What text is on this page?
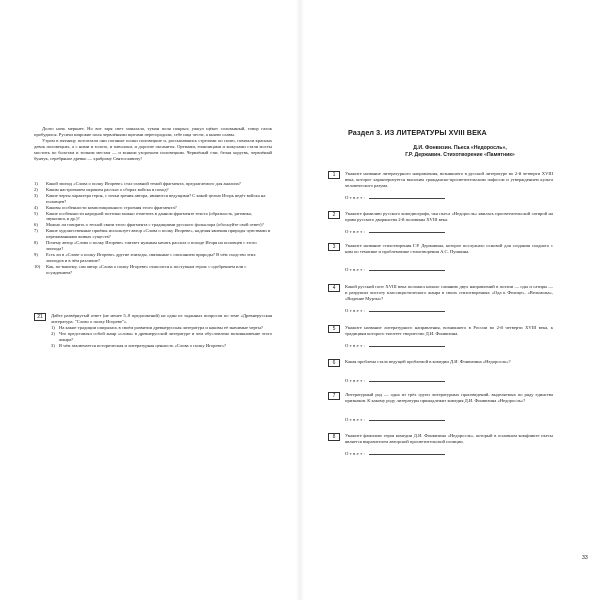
Долго ночь меркнет. Но вот заря свет запылала, туман поля покрыл; ужкул щёкот соловьиный, говор галок пробудился. Русичи широкие поля червлёными щитами перегородили, себе ища чести, а князю славы.

Утром в пятницу потоптали они поганые полки половецкие и, рассыпавшись стрелами по полю, помчали красных девок половецких, а с ними и золото, и паволоки, и дорогие оксамиты. Ортмами, епанчицами и кожухами стали мосты мостить по болотам и топким местам — и всяким узорочьем половецким. Червлёный стяг, белая хоругвь, червлёный бунчук, серебряное древко — храброму Святославичу!

1)	Какой эпизод «Слова о полку Игореве» стал главной темой фрагмента, предлагаемого для анализа?
2)	Каким настроением окрашен рассказ о сборах войска в поход?
3)	Какие черты характера героя, с точки зрения автора, являются ведущими? С какой целью Игорь ведёт войска на половцев?
4)	Каковы особенности композиционного строения этого фрагмента?
5)	Какие особенности народной поэтики можно отметить в данном фрагменте текста (образность, ритмика, звукопись и др.)?
6)	Можно ли говорить о тесной связи этого фрагмента с традициями русского фольклора (обоснуйте свой ответ)?
7)	Какие художественные приёмы использует автор «Слова о полку Игореве», наделяя явления природы чувствами и переживаниями живых существ?
8)	Почему автор «Слова о полку Игореве» считает нужным начать рассказ о походе Игоря на половцев с этого эпизода?
9)	Есть ли в «Слове о полку Игореве» другие эпизоды, связанные с описанием природы? В чём сходство этих эпизодов и в чём различие?
10)	Как, по-вашему, сам автор «Слова о полку Игореве» относится к поступкам героя: с одобрением или с осуждением?
21	Дайте развёрнутый ответ (не менее 5–8 предложений) на один из заданных вопросов по теме «Древнерусская литература. "Слово о полку Игореве"».
1) На какие традиции опиралась в своём развитии древнерусская литература и каковы её значимые черты?
2) Что представлял собой жанр «слова» в древнерусской литературе и чем обусловлено возникновение этого жанра?
3) В чём заключается историческая и литературная ценность «Слова о полку Игореве»?
Раздел 3. ИЗ ЛИТЕРАТУРЫ XVIII ВЕКА
Д.И. Фонвизин. Пьеса «Недоросль»,
Г.Р. Державин. Стихотворение «Памятник»
1	Укажите название литературного направления, возникшего в русской литературе во 2-й четверти XVIII века, которое характеризуется высоким гражданско-просветительским пафосом и утверждением культа человеческого разума.
Ответ:
2	Укажите фамилию русского комедиографа, чья пьеса «Недоросль» явилась просветительской сатирой на права русского дворянства 2-й половины XVIII века.
Ответ:
3	Укажите название стихотворения Г.Р. Державина, которое послужило основой для создания сходного с ним по тематике и проблематике стихотворения А.С. Пушкина.
Ответ:
4	Какой русский поэт XVIII века положил начало слиянию двух направлений в поэзии — оды и сатиры — и разрушил чистоту классицистического жанра в своих стихотворениях «Ода к Фелице», «Вельможа», «Видение Мурзы»?
Ответ:
5	Укажите название литературного направления, возникшего в России во 2-й четверти XVIII века, к традициям которого тяготеет творчество Д.И. Фонвизина.
Ответ:
6	Какая проблема стала ведущей проблемой в комедии Д.И. Фонвизина «Недоросль»?
Ответ:
7	Литературный род — одна из трёх групп литературных произведений, выделяемых по ряду единства признаков. К какому роду литературы принадлежит комедия Д.И. Фонвизина «Недоросль»?
Ответ:
8	Укажите фамилию героя комедии Д.И. Фонвизина «Недоросль», который в основном комфликте пьесы является выразителем авторской просветительской позиции.
Ответ:
33
